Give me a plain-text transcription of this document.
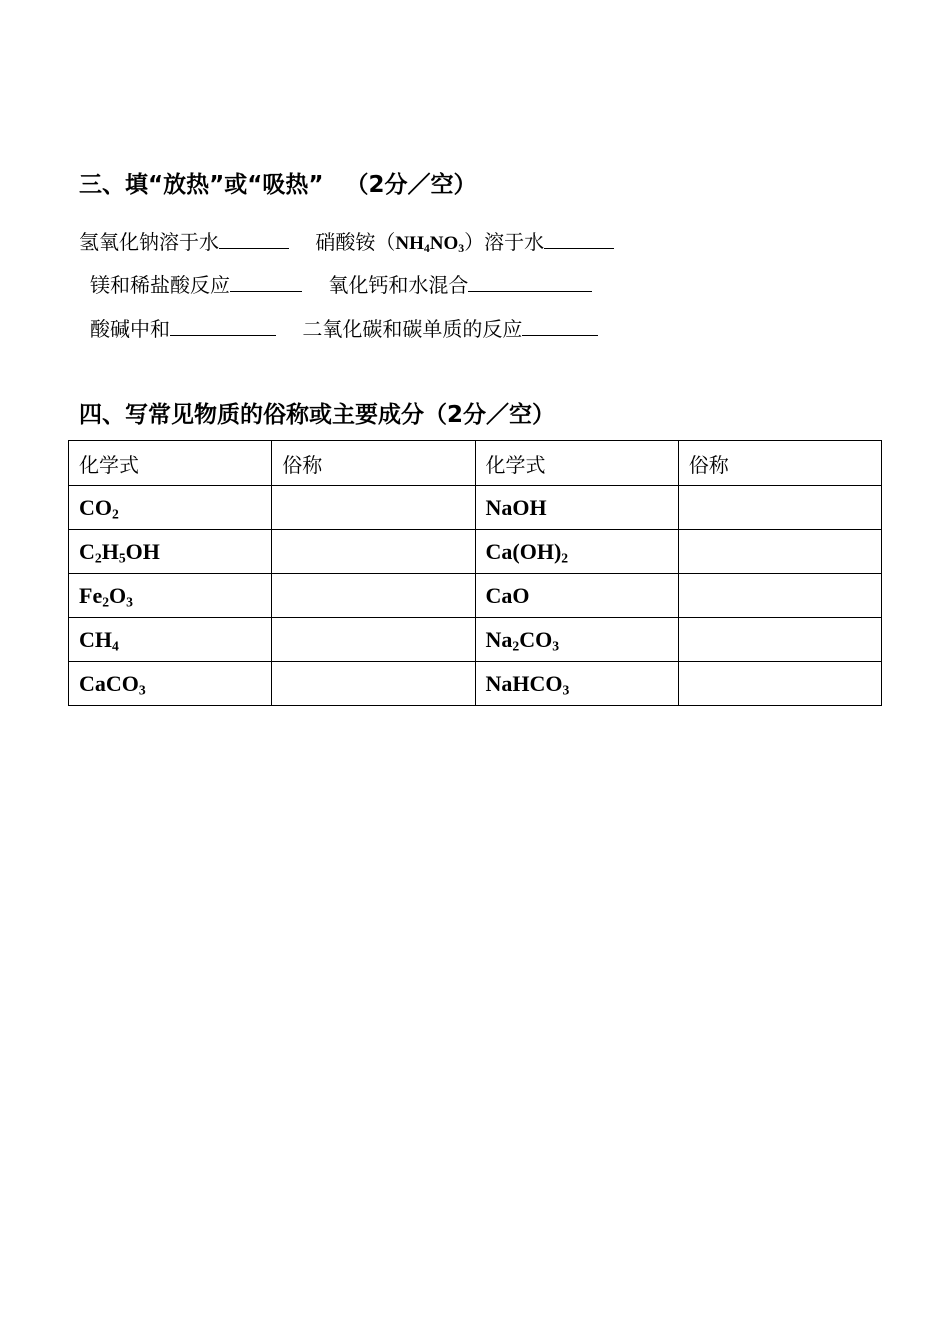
三、填“放热”或“吸热” （2分／空）
氢氧化钠溶于水	硝酸铵$(NH_4NO_3)$溶于水
镁和稀盐酸反应	氧化钙和水混合
酸碱中和	二氧化碳和碳单质的反应
四、写常见物质的俗称或主要成分（2分／空）
化学式	俗称	化学式	俗称
$CO_2$		NaOH	
$C_2H_5OH$		$Ca(OH)_2$	
$Fe_2O_3$		CaO	
$CH_4$		$Na_2CO_3$	
CaCO$_3$		NaHCO$_3$	
